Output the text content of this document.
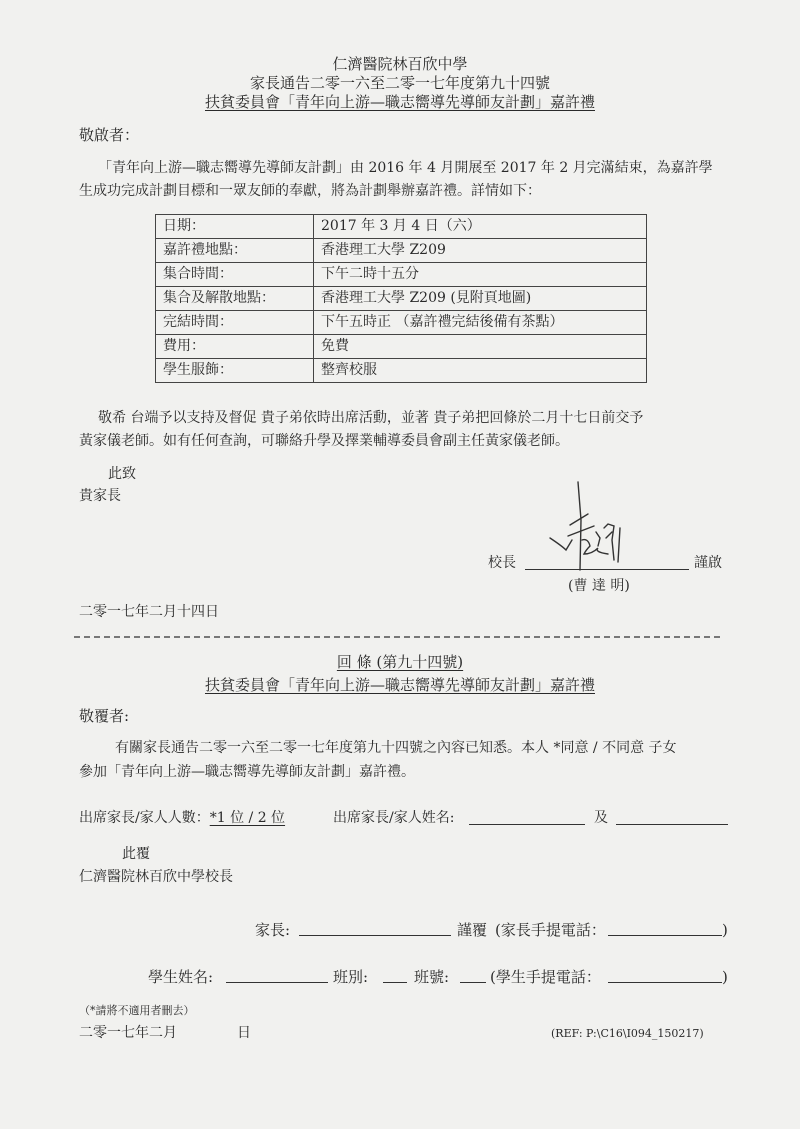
仁濟醫院林百欣中學
家長通告二零一六至二零一七年度第九十四號
扶貧委員會「青年向上游—職志嚮導先導師友計劃」嘉許禮
敬啟者：
「青年向上游—職志嚮導先導師友計劃」由 2016 年 4 月開展至 2017 年 2 月完滿結束，為嘉許學
生成功完成計劃目標和一眾友師的奉獻，將為計劃舉辦嘉許禮。詳情如下：
日期：	2017 年 3 月 4 日（六）
嘉許禮地點：	香港理工大學 Z209
集合時間：	下午二時十五分
集合及解散地點：	香港理工大學 Z209 (見附頁地圖)
完結時間：	下午五時正 （嘉許禮完結後備有茶點）
費用：	免費
學生服飾：	整齊校服
敬希 台端予以支持及督促 貴子弟依時出席活動，並著 貴子弟把回條於二月十七日前交予
黃家儀老師。如有任何查詢，可聯絡升學及擇業輔導委員會副主任黃家儀老師。
此致
貴家長
校長	謹啟
(曹 達 明)
二零一七年二月十四日
回 條 (第九十四號)
扶貧委員會「青年向上游—職志嚮導先導師友計劃」嘉許禮
敬覆者:
有關家長通告二零一六至二零一七年度第九十四號之內容已知悉。本人 *同意 / 不同意 子女
參加「青年向上游—職志嚮導先導師友計劃」嘉許禮。
出席家長/家人人數：*1 位 / 2 位	出席家長/家人姓名:	及
此覆
仁濟醫院林百欣中學校長
家長:	謹覆 (家長手提電話：	)
學生姓名:	班別:	班號:	(學生手提電話：	)
（*請將不適用者刪去）
二零一七年二月	日	(REF: P:\C16\I094_150217)
